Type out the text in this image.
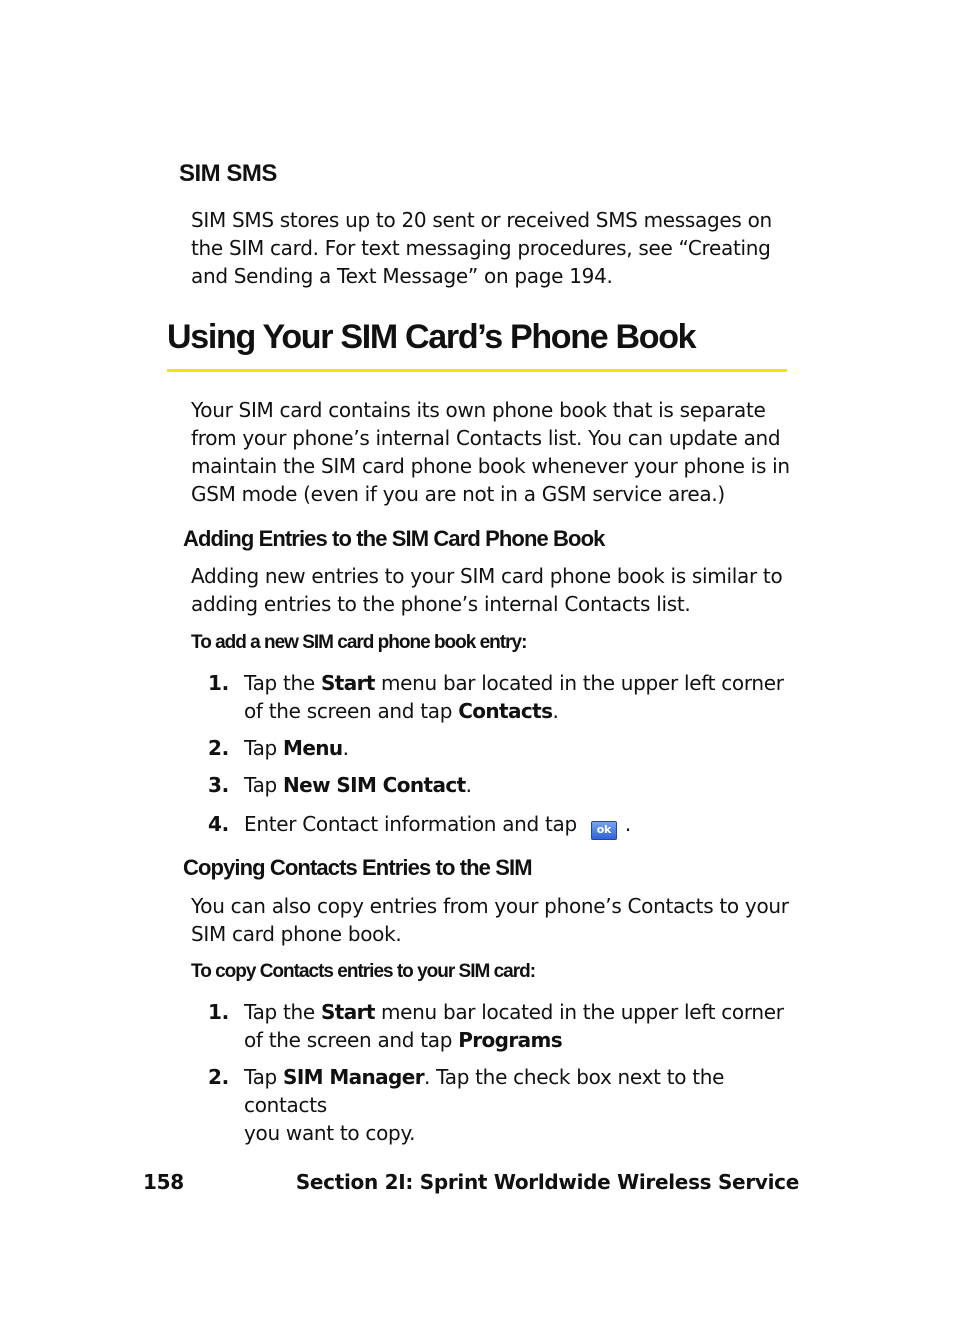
SIM SMS
SIM SMS stores up to 20 sent or received SMS messages on
the SIM card. For text messaging procedures, see “Creating
and Sending a Text Message” on page 194.
Using Your SIM Card’s Phone Book
Your SIM card contains its own phone book that is separate
from your phone’s internal Contacts list. You can update and
maintain the SIM card phone book whenever your phone is in
GSM mode (even if you are not in a GSM service area.)
Adding Entries to the SIM Card Phone Book
Adding new entries to your SIM card phone book is similar to
adding entries to the phone’s internal Contacts list.
To add a new SIM card phone book entry:
1. Tap the Start menu bar located in the upper left corner
of the screen and tap Contacts.
2. Tap Menu.
3. Tap New SIM Contact.
4. Enter Contact information and tap ok .
Copying Contacts Entries to the SIM
You can also copy entries from your phone’s Contacts to your
SIM card phone book.
To copy Contacts entries to your SIM card:
1. Tap the Start menu bar located in the upper left corner
of the screen and tap Programs
2. Tap SIM Manager. Tap the check box next to the contacts
you want to copy.
158	Section 2I: Sprint Worldwide Wireless Service
